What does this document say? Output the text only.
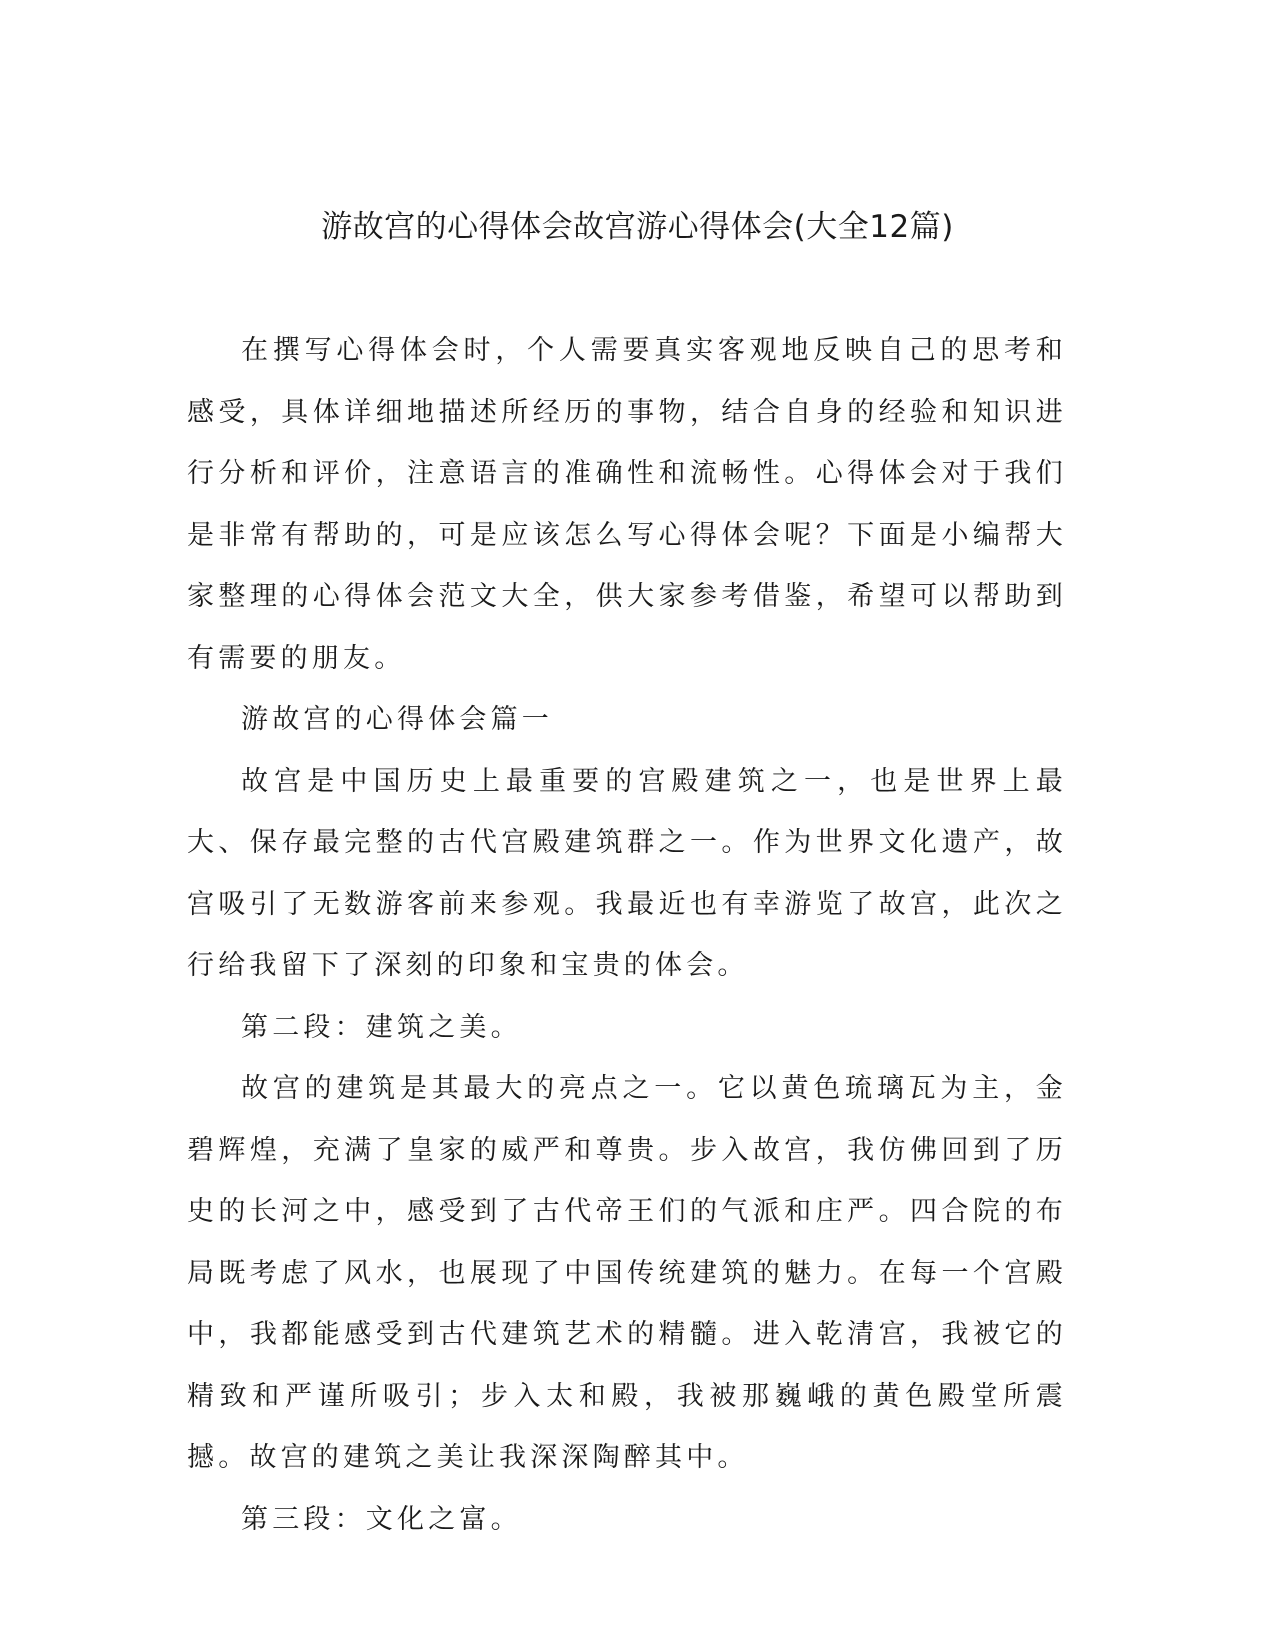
游故宫的心得体会故宫游心得体会(大全12篇)

在撰写心得体会时，个人需要真实客观地反映自己的思考和感受，具体详细地描述所经历的事物，结合自身的经验和知识进行分析和评价，注意语言的准确性和流畅性。心得体会对于我们是非常有帮助的，可是应该怎么写心得体会呢？下面是小编帮大家整理的心得体会范文大全，供大家参考借鉴，希望可以帮助到有需要的朋友。

游故宫的心得体会篇一

故宫是中国历史上最重要的宫殿建筑之一，也是世界上最大、保存最完整的古代宫殿建筑群之一。作为世界文化遗产，故宫吸引了无数游客前来参观。我最近也有幸游览了故宫，此次之行给我留下了深刻的印象和宝贵的体会。

第二段：建筑之美。

故宫的建筑是其最大的亮点之一。它以黄色琉璃瓦为主，金碧辉煌，充满了皇家的威严和尊贵。步入故宫，我仿佛回到了历史的长河之中，感受到了古代帝王们的气派和庄严。四合院的布局既考虑了风水，也展现了中国传统建筑的魅力。在每一个宫殿中，我都能感受到古代建筑艺术的精髓。进入乾清宫，我被它的精致和严谨所吸引；步入太和殿，我被那巍峨的黄色殿堂所震撼。故宫的建筑之美让我深深陶醉其中。

第三段：文化之富。
